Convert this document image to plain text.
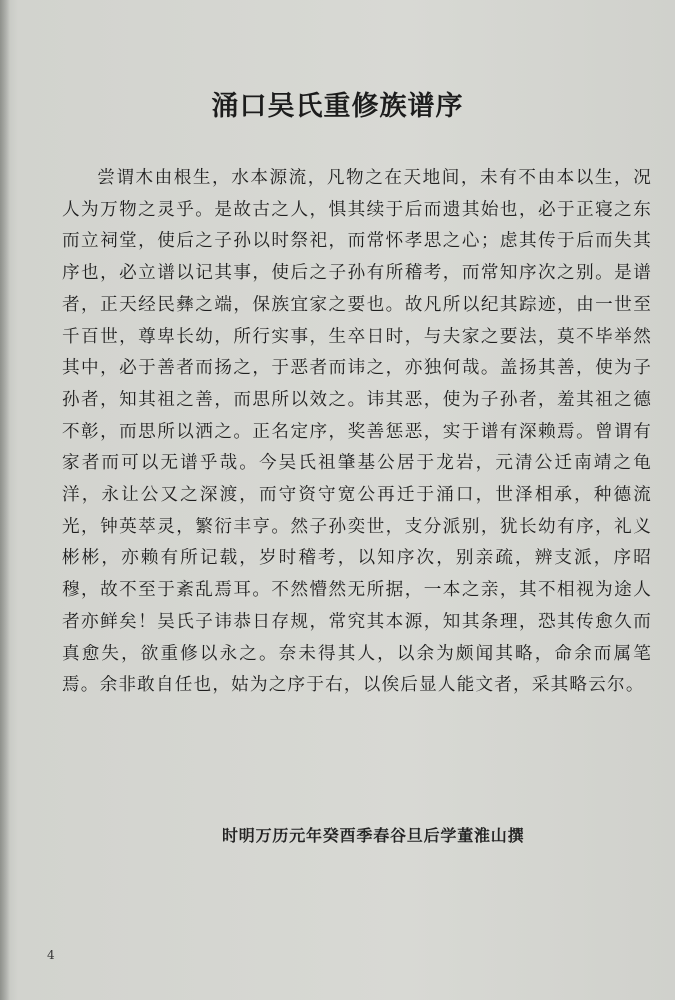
涌口吴氏重修族谱序

尝谓木由根生，水本源流，凡物之在天地间，未有不由本以生，况人为万物之灵乎。是故古之人，惧其续于后而遗其始也，必于正寝之东而立祠堂，使后之子孙以时祭祀，而常怀孝思之心；虑其传于后而失其序也，必立谱以记其事，使后之子孙有所稽考，而常知序次之别。是谱者，正天经民彝之端，保族宜家之要也。故凡所以纪其踪迹，由一世至千百世，尊卑长幼，所行实事，生卒日时，与夫家之要法，莫不毕举然其中，必于善者而扬之，于恶者而讳之，亦独何哉。盖扬其善，使为子孙者，知其祖之善，而思所以效之。讳其恶，使为子孙者，羞其祖之德不彰，而思所以洒之。正名定序，奖善惩恶，实于谱有深赖焉。曾谓有家者而可以无谱乎哉。今吴氏祖肇基公居于龙岩，元清公迁南靖之龟洋，永让公又之深渡，而守资守宽公再迁于涌口，世泽相承，种德流光，钟英萃灵，繁衍丰亨。然子孙奕世，支分派别，犹长幼有序，礼义彬彬，亦赖有所记载，岁时稽考，以知序次，别亲疏，辨支派，序昭穆，故不至于紊乱焉耳。不然懵然无所据，一本之亲，其不相视为途人者亦鲜矣！吴氏子讳恭日存规，常究其本源，知其条理，恐其传愈久而真愈失，欲重修以永之。奈未得其人，以余为颇闻其略，命余而属笔焉。余非敢自任也，姑为之序于右，以俟后显人能文者，采其略云尔。

时明万历元年癸酉季春谷旦后学董淮山撰
4
